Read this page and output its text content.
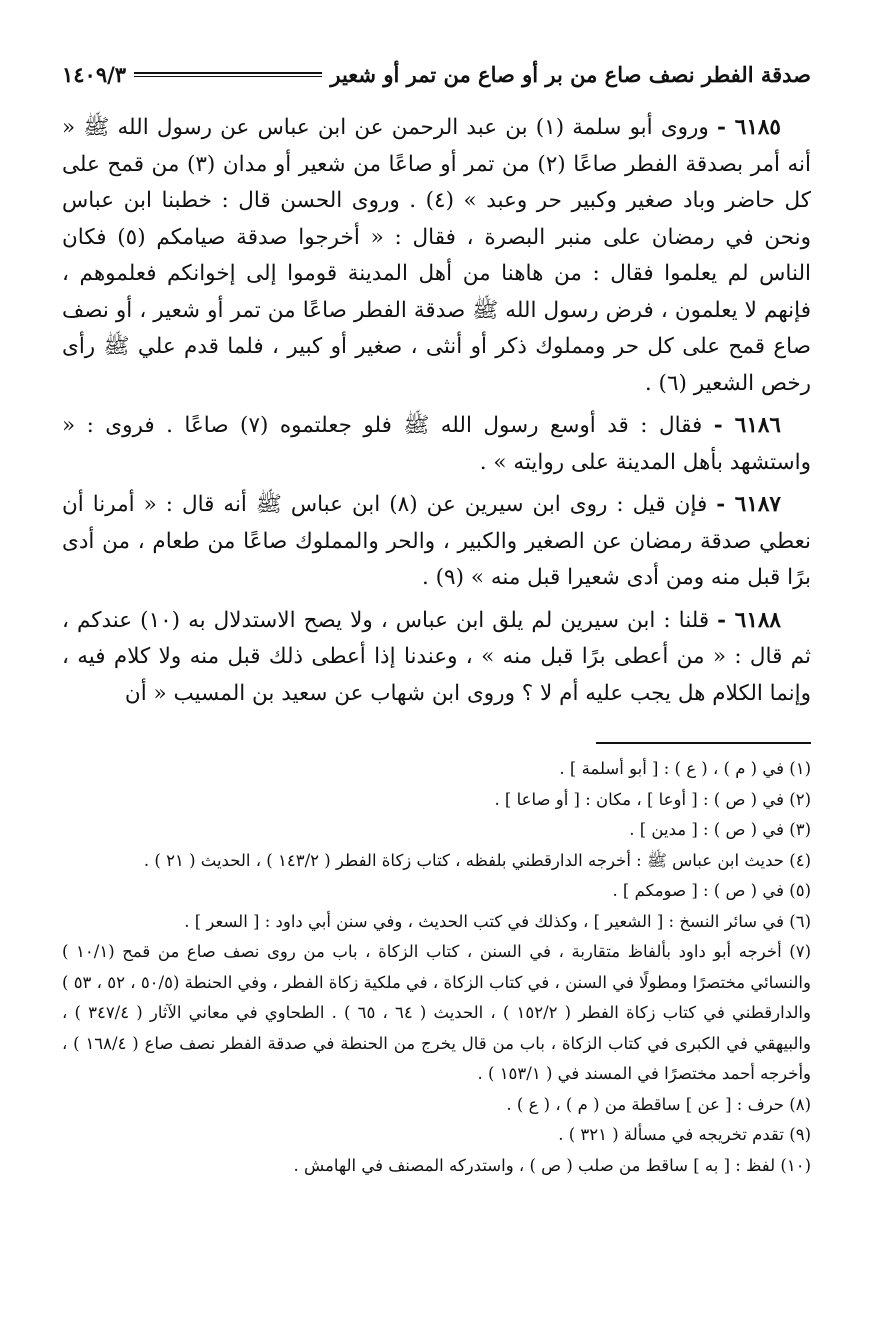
صدقة الفطر نصف صاع من بر أو صاع من تمر أو شعير
١٤٠٩/٣

٦١٨٥ - وروى أبو سلمة (١) بن عبد الرحمن عن ابن عباس عن رسول الله ﷺ « أنه أمر بصدقة الفطر صاعًا (٢) من تمر أو صاعًا من شعير أو مدان (٣) من قمح على كل حاضر وباد صغير وكبير حر وعبد » (٤) . وروى الحسن قال : خطبنا ابن عباس ونحن في رمضان على منبر البصرة ، فقال : « أخرجوا صدقة صيامكم (٥) فكان الناس لم يعلموا فقال : من هاهنا من أهل المدينة قوموا إلى إخوانكم فعلموهم ، فإنهم لا يعلمون ، فرض رسول الله ﷺ صدقة الفطر صاعًا من تمر أو شعير ، أو نصف صاع قمح على كل حر ومملوك ذكر أو أنثى ، صغير أو كبير ، فلما قدم علي ﷺ رأى رخص الشعير (٦) .

٦١٨٦ - فقال : قد أوسع رسول الله ﷺ فلو جعلتموه (٧) صاعًا . فروى : « واستشهد بأهل المدينة على روايته » .

٦١٨٧ - فإن قيل : روى ابن سيرين عن (٨) ابن عباس ﷺ أنه قال : « أمرنا أن نعطي صدقة رمضان عن الصغير والكبير ، والحر والمملوك صاعًا من طعام ، من أدى برًا قبل منه ومن أدى شعيرا قبل منه » (٩) .

٦١٨٨ - قلنا : ابن سيرين لم يلق ابن عباس ، ولا يصح الاستدلال به (١٠) عندكم ، ثم قال : « من أعطى برًا قبل منه » ، وعندنا إذا أعطى ذلك قبل منه ولا كلام فيه ، وإنما الكلام هل يجب عليه أم لا ؟ وروى ابن شهاب عن سعيد بن المسيب « أن

(١) في ( م ) ، ( ع ) : [ أبو أسلمة ] .

(٢) في ( ص ) : [ أوعا ] ، مكان : [ أو صاعا ] .

(٣) في ( ص ) : [ مدين ] .

(٤) حديث ابن عباس ﷺ : أخرجه الدارقطني بلفظه ، كتاب زكاة الفطر ( ١٤٣/٢ ) ، الحديث ( ٢١ ) .

(٥) في ( ص ) : [ صومكم ] .

(٦) في سائر النسخ : [ الشعير ] ، وكذلك في كتب الحديث ، وفي سنن أبي داود : [ السعر ] .

(٧) أخرجه أبو داود بألفاظ متقاربة ، في السنن ، كتاب الزكاة ، باب من روى نصف صاع من قمح (١٠/١ ) والنسائي مختصرًا ومطولًا في السنن ، في كتاب الزكاة ، في ملكية زكاة الفطر ، وفي الحنطة (٥٠/٥ ، ٥٢ ، ٥٣ ) والدارقطني في كتاب زكاة الفطر ( ١٥٢/٢ ) ، الحديث ( ٦٤ ، ٦٥ ) . الطحاوي في معاني الآثار ( ٣٤٧/٤ ) ، والبيهقي في الكبرى في كتاب الزكاة ، باب من قال يخرج من الحنطة في صدقة الفطر نصف صاع ( ١٦٨/٤ ) ، وأخرجه أحمد مختصرًا في المسند في ( ١٥٣/١ ) .

(٨) حرف : [ عن ] ساقطة من ( م ) ، ( ع ) .

(٩) تقدم تخريجه في مسألة ( ٣٢١ ) .

(١٠) لفظ : [ به ] ساقط من صلب ( ص ) ، واستدركه المصنف في الهامش .
